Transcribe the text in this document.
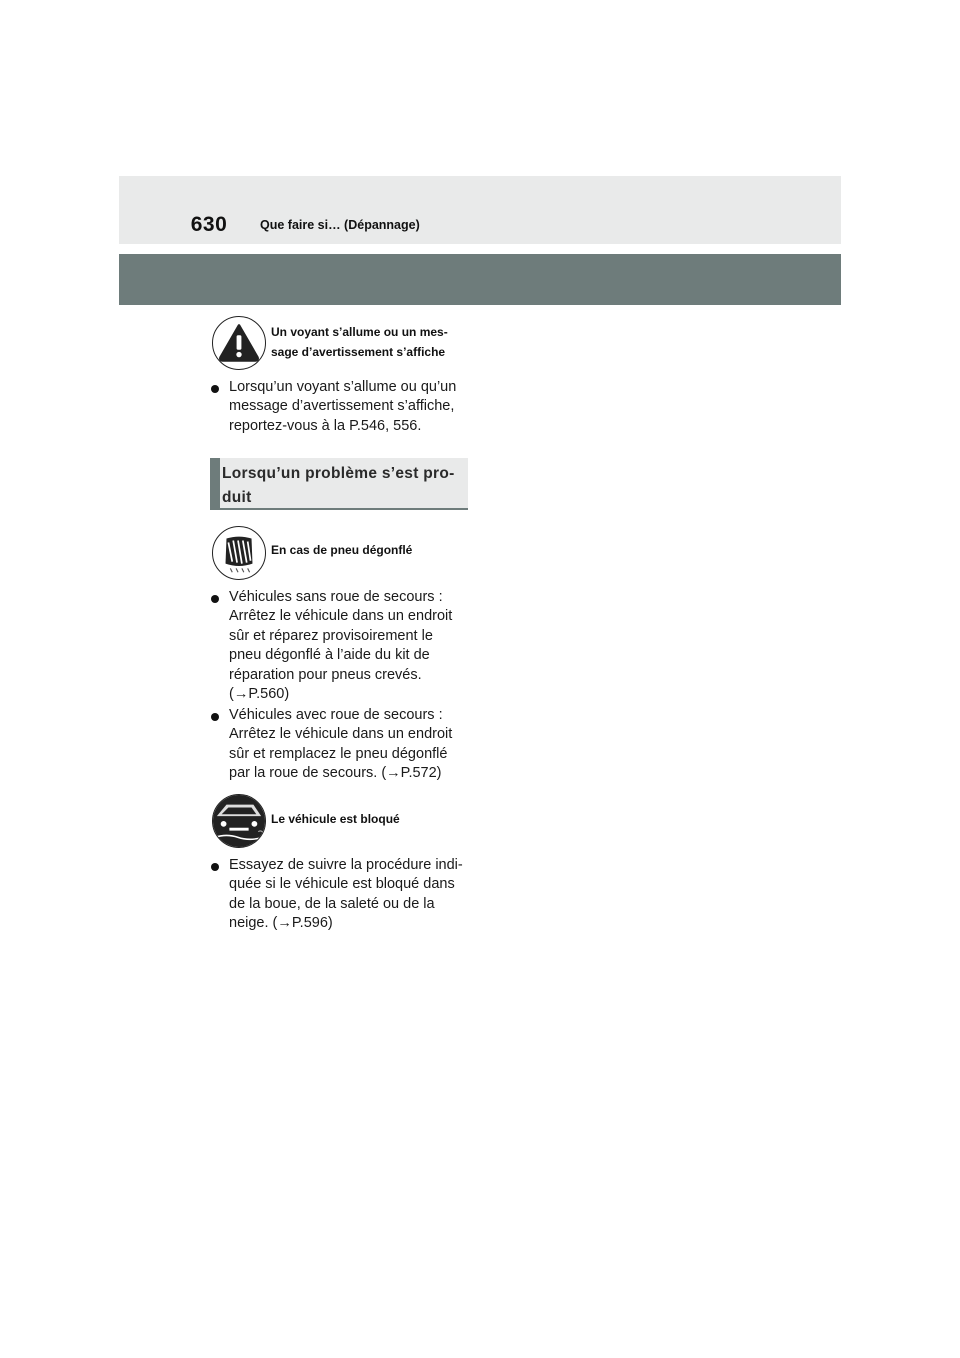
630	Que faire si… (Dépannage)
Un voyant s’allume ou un mes-
sage d’avertissement s’affiche
Lorsqu’un voyant s’allume ou qu’un
message d’avertissement s’affiche,
reportez-vous à la P.546, 556.
Lorsqu’un problème s’est pro-
duit
En cas de pneu dégonflé
Véhicules sans roue de secours :
Arrêtez le véhicule dans un endroit
sûr et réparez provisoirement le
pneu dégonflé à l’aide du kit de
réparation pour pneus crevés.
(→P.560)
Véhicules avec roue de secours :
Arrêtez le véhicule dans un endroit
sûr et remplacez le pneu dégonflé
par la roue de secours. (→P.572)
Le véhicule est bloqué
Essayez de suivre la procédure indi-
quée si le véhicule est bloqué dans
de la boue, de la saleté ou de la
neige. (→P.596)
